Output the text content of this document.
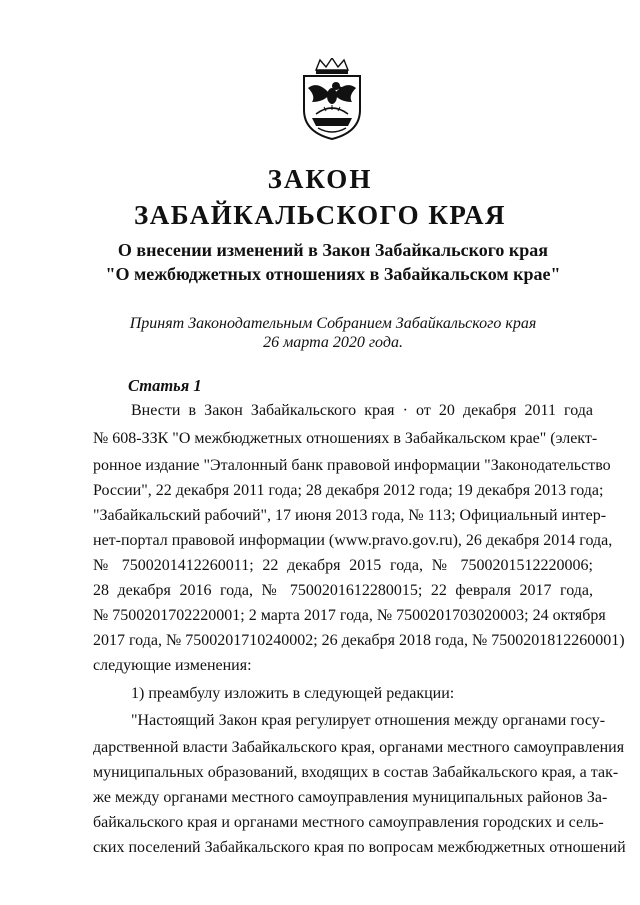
ЗАКОН
ЗАБАЙКАЛЬСКОГО КРАЯ
О внесении изменений в Закон Забайкальского края
"О межбюджетных отношениях в Забайкальском крае"
Принят Законодательным Собранием Забайкальского края
26 марта 2020 года.
Статья 1
Внести в Закон Забайкальского края · от 20 декабря 2011 года
№ 608-ЗЗК "О межбюджетных отношениях в Забайкальском крае" (элект-
ронное издание "Эталонный банк правовой информации "Законодательство
России", 22 декабря 2011 года; 28 декабря 2012 года; 19 декабря 2013 года;
"Забайкальский рабочий", 17 июня 2013 года, № 113; Официальный интер-
нет-портал правовой информации (www.pravo.gov.ru), 26 декабря 2014 года,
№ 7500201412260011; 22 декабря 2015 года, № 7500201512220006;
28 декабря 2016 года, № 7500201612280015; 22 февраля 2017 года,
№ 7500201702220001; 2 марта 2017 года, № 7500201703020003; 24 октября
2017 года, № 7500201710240002; 26 декабря 2018 года, № 7500201812260001)
следующие изменения:
1) преамбулу изложить в следующей редакции:
"Настоящий Закон края регулирует отношения между органами госу-
дарственной власти Забайкальского края, органами местного самоуправления
муниципальных образований, входящих в состав Забайкальского края, а так-
же между органами местного самоуправления муниципальных районов За-
байкальского края и органами местного самоуправления городских и сель-
ских поселений Забайкальского края по вопросам межбюджетных отношений
